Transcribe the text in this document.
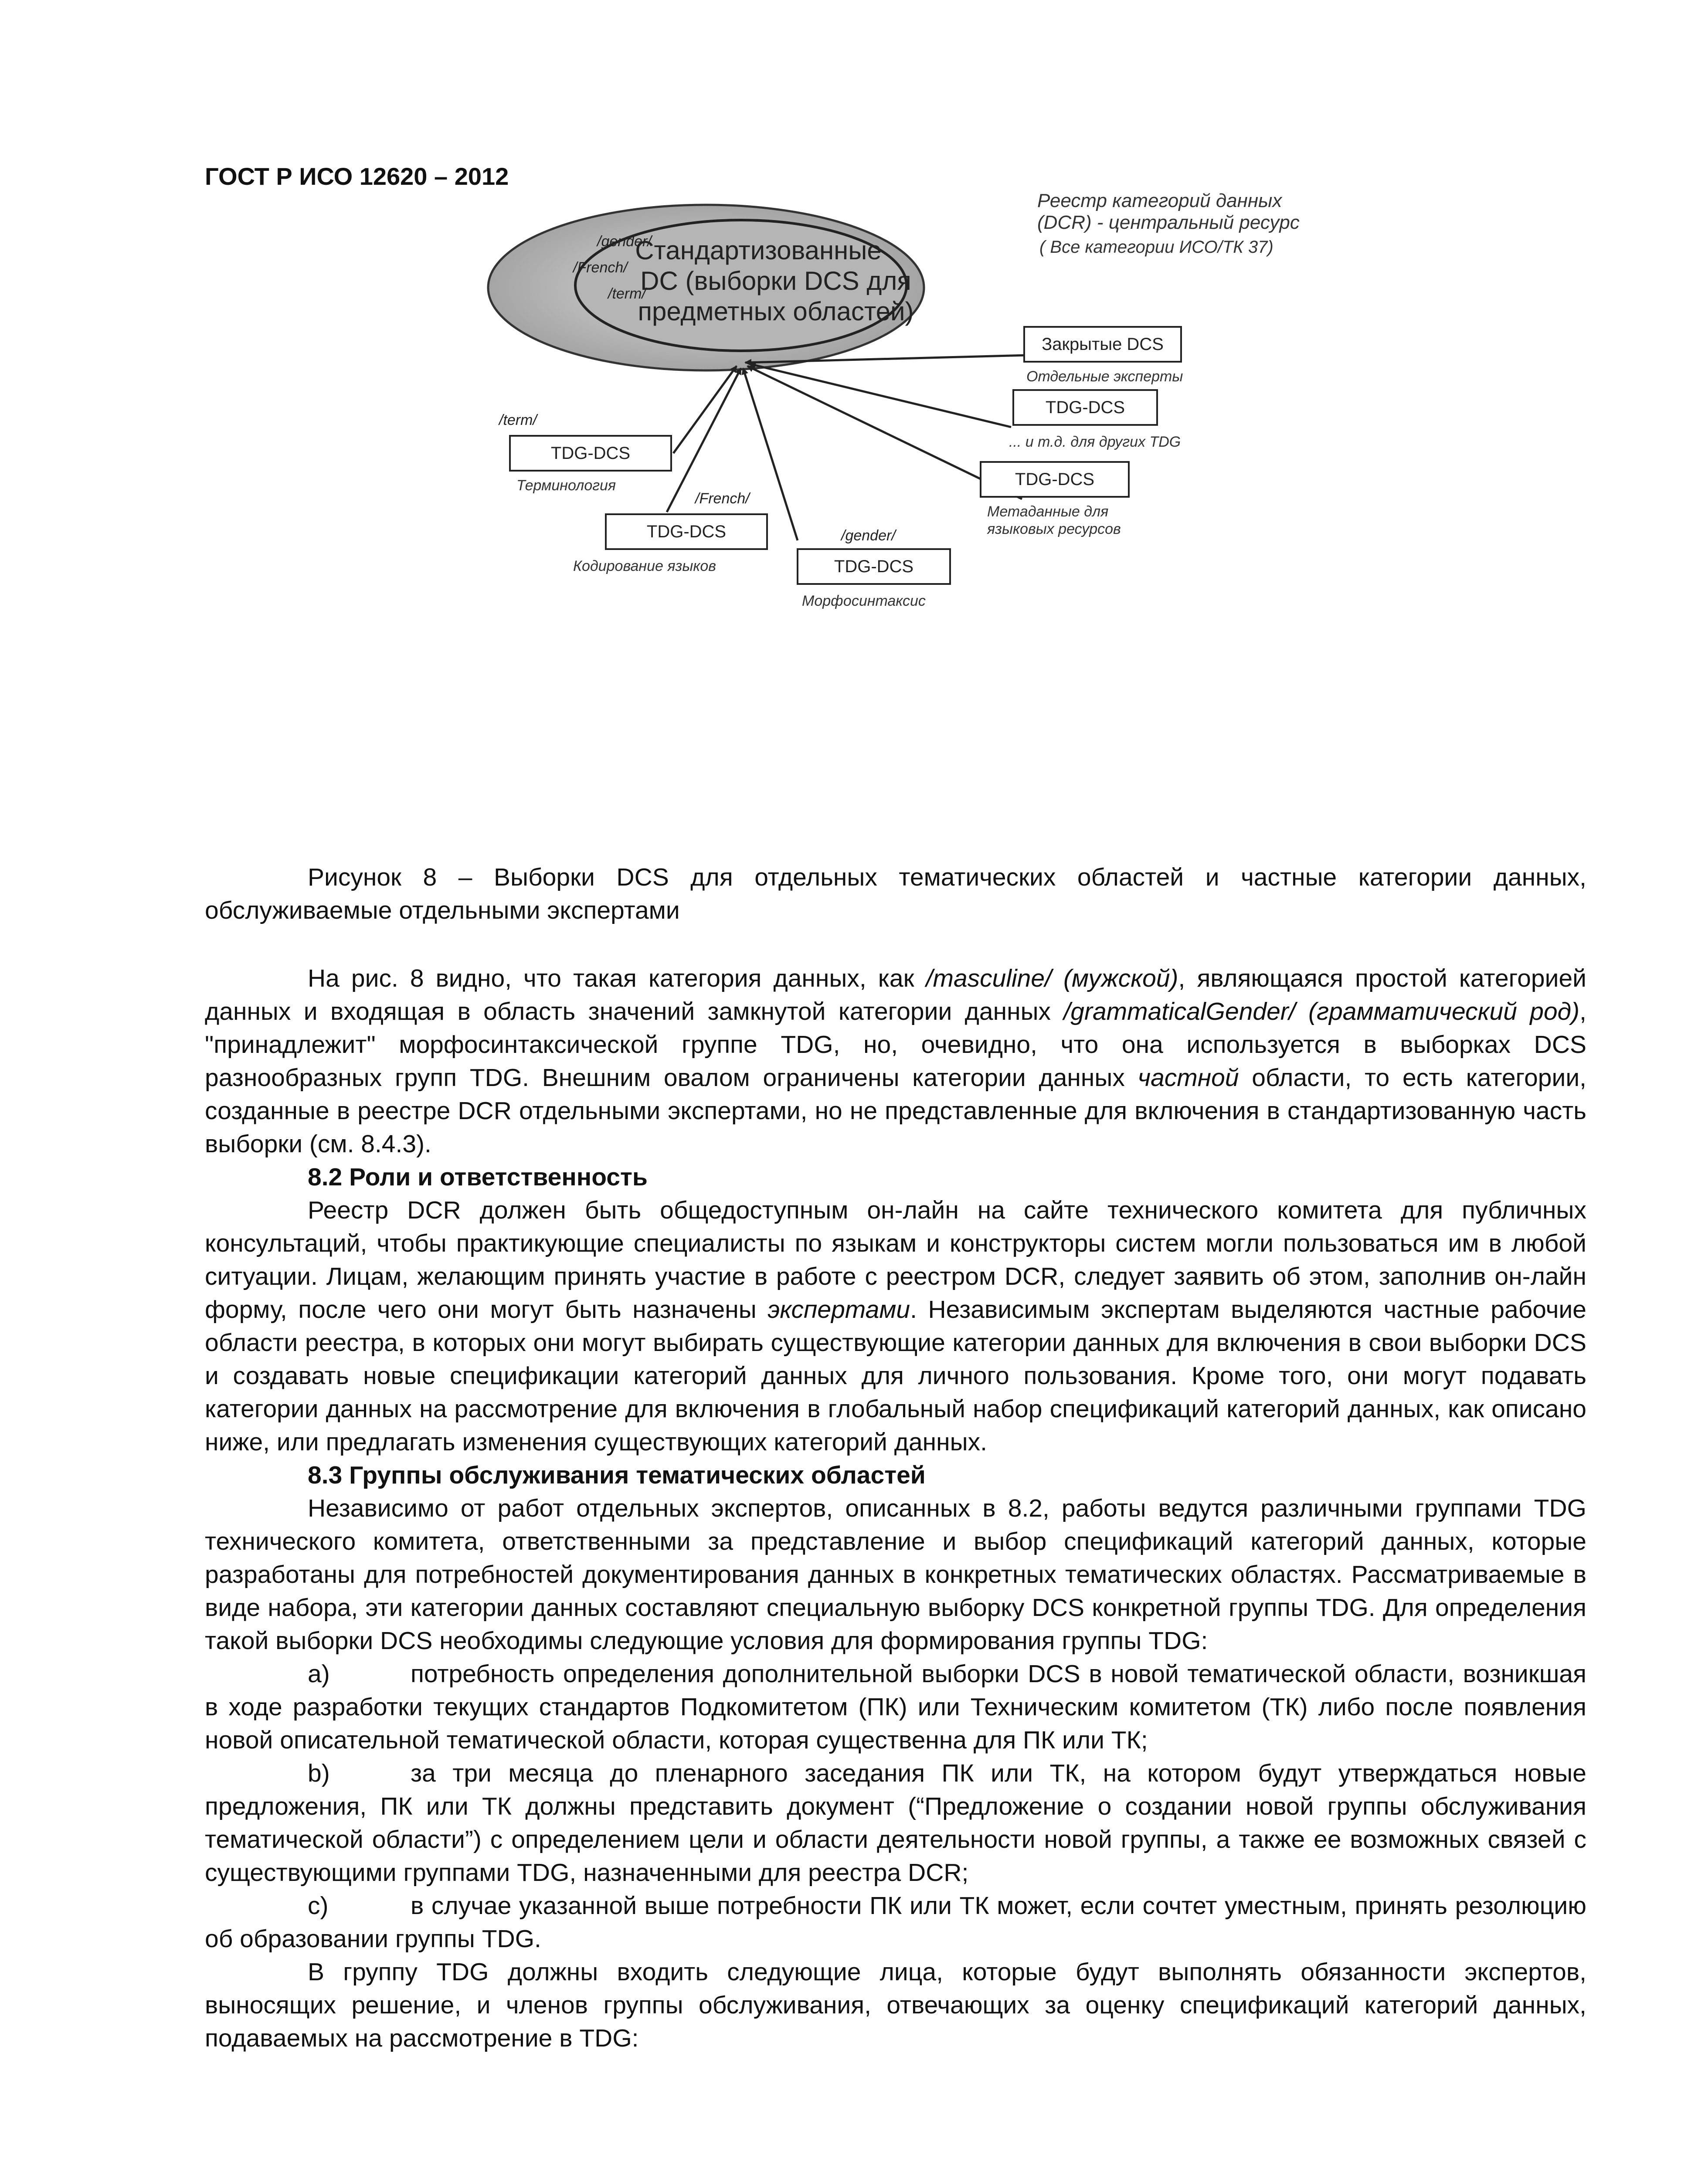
ГОСТ Р ИСО 12620 – 2012
Реестр категорий данных
(DCR) - центральный ресурс
( Все категории ИСО/ТК 37)
Стандартизованные
DC (выборки DCS для
предметных областей)
/gender/
/French/
/term/
Закрытые DCS
Отдельные эксперты
TDG-DCS
... и т.д. для других TDG
TDG-DCS
Метаданные для
языковых ресурсов
/term/
TDG-DCS
Терминология
/French/
TDG-DCS
Кодирование языков
/gender/
TDG-DCS
Морфосинтаксис

Рисунок 8 – Выборки DCS для отдельных тематических областей и частные категории данных, обслуживаемые отдельными экспертами

На рис. 8 видно, что такая категория данных, как /masculine/ (мужской), являющаяся простой категорией данных и входящая в область значений замкнутой категории данных /grammaticalGender/ (грамматический род), "принадлежит" морфосинтаксической группе TDG, но, очевидно, что она используется в выборках DCS разнообразных групп TDG. Внешним овалом ограничены категории данных частной области, то есть категории, созданные в реестре DCR отдельными экспертами, но не представленные для включения в стандартизованную часть выборки (см. 8.4.3).

8.2 Роли и ответственность

Реестр DCR должен быть общедоступным он-лайн на сайте технического комитета для публичных консультаций, чтобы практикующие специалисты по языкам и конструкторы систем могли пользоваться им в любой ситуации. Лицам, желающим принять участие в работе с реестром DCR, следует заявить об этом, заполнив он-лайн форму, после чего они могут быть назначены экспертами. Независимым экспертам выделяются частные рабочие области реестра, в которых они могут выбирать существующие категории данных для включения в свои выборки DCS и создавать новые спецификации категорий данных для личного пользования. Кроме того, они могут подавать категории данных на рассмотрение для включения в глобальный набор спецификаций категорий данных, как описано ниже, или предлагать изменения существующих категорий данных.

8.3 Группы обслуживания тематических областей

Независимо от работ отдельных экспертов, описанных в 8.2, работы ведутся различными группами TDG технического комитета, ответственными за представление и выбор спецификаций категорий данных, которые разработаны для потребностей документирования данных в конкретных тематических областях. Рассматриваемые в виде набора, эти категории данных составляют специальную выборку DCS конкретной группы TDG. Для определения такой выборки DCS необходимы следующие условия для формирования группы TDG:

a)	потребность определения дополнительной выборки DCS в новой тематической области, возникшая в ходе разработки текущих стандартов Подкомитетом (ПК) или Техническим комитетом (ТК) либо после появления новой описательной тематической области, которая существенна для ПК или ТК;

b)	за три месяца до пленарного заседания ПК или ТК, на котором будут утверждаться новые предложения, ПК или ТК должны представить документ (“Предложение о создании новой группы обслуживания тематической области”) с определением цели и области деятельности новой группы, а также ее возможных связей с существующими группами TDG, назначенными для реестра DCR;

c)	в случае указанной выше потребности ПК или ТК может, если сочтет уместным, принять резолюцию об образовании группы TDG.

В группу TDG должны входить следующие лица, которые будут выполнять обязанности экспертов, выносящих решение, и членов группы обслуживания, отвечающих за оценку спецификаций категорий данных, подаваемых на рассмотрение в TDG:
